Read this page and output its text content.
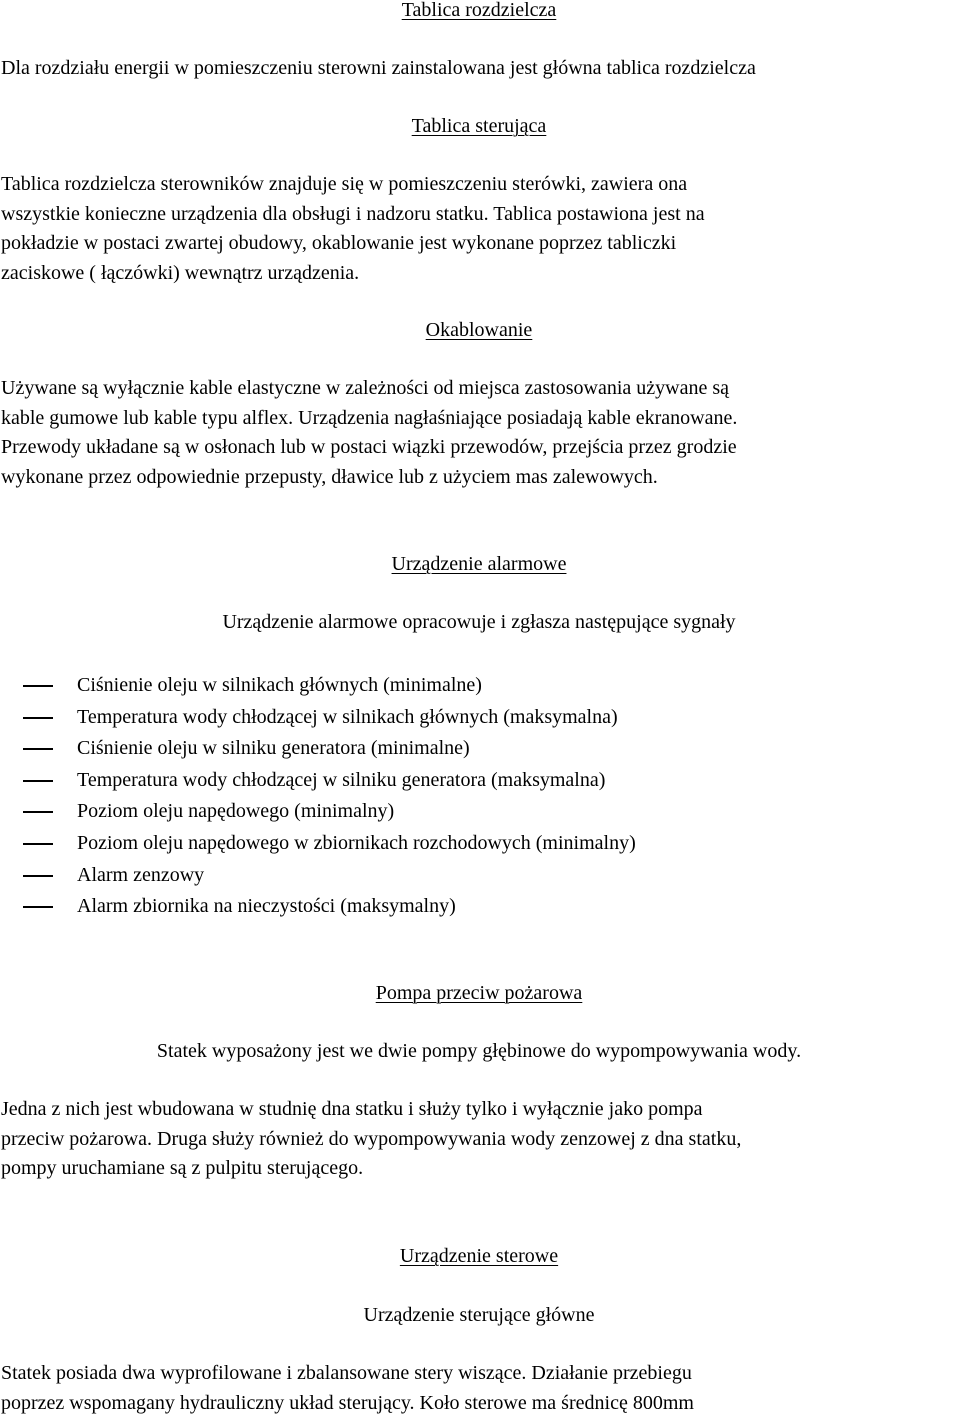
Tablica rozdzielcza

Dla rozdziału energii w pomieszczeniu sterowni zainstalowana jest główna tablica rozdzielcza

Tablica sterująca

Tablica rozdzielcza sterowników znajduje się w pomieszczeniu sterówki, zawiera ona
wszystkie konieczne urządzenia dla obsługi i nadzoru statku. Tablica postawiona jest na
pokładzie w postaci zwartej obudowy, okablowanie jest wykonane poprzez tabliczki
zaciskowe ( łączówki) wewnątrz urządzenia.

Okablowanie

Używane są wyłącznie kable elastyczne w zależności od miejsca zastosowania używane są
kable gumowe lub kable typu alflex. Urządzenia nagłaśniające posiadają kable ekranowane.
Przewody układane są w osłonach lub w postaci wiązki przewodów, przejścia przez grodzie
wykonane przez odpowiednie przepusty, dławice lub z użyciem mas zalewowych.

Urządzenie alarmowe

Urządzenie alarmowe opracowuje i zgłasza następujące sygnały

Ciśnienie oleju w silnikach głównych (minimalne)
Temperatura wody chłodzącej w silnikach głównych (maksymalna)
Ciśnienie oleju w silniku generatora (minimalne)
Temperatura wody chłodzącej w silniku generatora (maksymalna)
Poziom oleju napędowego (minimalny)
Poziom oleju napędowego w zbiornikach rozchodowych (minimalny)
Alarm zenzowy
Alarm zbiornika na nieczystości (maksymalny)

Pompa przeciw pożarowa

Statek wyposażony jest we dwie pompy głębinowe do wypompowywania wody.

Jedna z nich jest wbudowana w studnię dna statku i służy tylko i wyłącznie jako pompa
przeciw pożarowa. Druga służy również do wypompowywania wody zenzowej z dna statku,
pompy uruchamiane są z pulpitu sterującego.

Urządzenie sterowe

Urządzenie sterujące główne

Statek posiada dwa wyprofilowane i zbalansowane stery wiszące. Działanie przebiegu
poprzez wspomagany hydrauliczny układ sterujący. Koło sterowe ma średnicę 800mm
